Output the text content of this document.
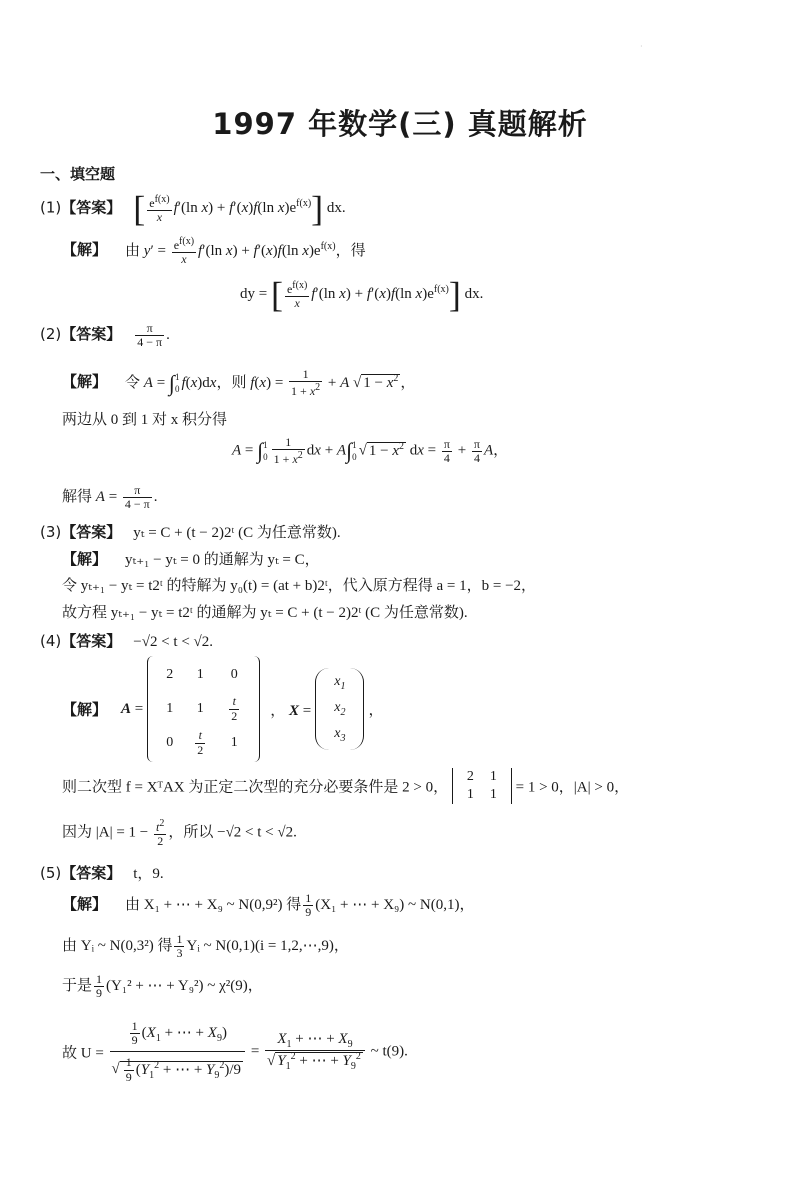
·
1997 年数学(三) 真题解析
一、填空题
(1)【答案】 [ $\frac{e^{f(x)}}{x} f'(\ln$ x) + f′(x)f(ln $x)e^{f(x)}$] dx.
【解】 由 $y' = \frac{e^{f(x)}}{x} f'(\ln$ x) + f′(x)f(ln $x)e^{f(x)}$，得
dy = [ $\frac{e^{f(x)}}{x} f'(\ln$ x) + f′(x)f(ln $x)e^{f(x)}$] dx.
(2)【答案】 $\frac{\pi}{4 - \pi}$ .
【解】 令 A = ∫1
0 f(x)dx，则 $f(x) = \frac{1}{1 + x^2} + A$ √ $1 - x^2$ ，
两边从 0 到 1 对 x 积分得
A = ∫1
$0 \frac{1}{1 + x^2}$ dx + A∫1
0 √ $1 - x^2$ dx = $\frac{\pi}{4} + \frac{\pi}{4}$ A，
解得 $A = \frac{\pi}{4 - \pi}$ .
(3)【答案】 yₜ = C + (t − 2)2ᵗ (C 为任意常数).
【解】 yₜ₊₁ − yₜ = 0 的通解为 yₜ = C，
令 yₜ₊₁ − yₜ = t2ᵗ 的特解为 y₀(t) = (at + b)2ᵗ，代入原方程得 a = 1，b = −2，
故方程 yₜ₊₁ − yₜ = t2ᵗ 的通解为 yₜ = C + (t − 2)2ᵗ (C 为任意常数).
(4)【答案】 −√2 < t < √2.
【解】 A =
2	1	0
1	1	$\frac{t}{2}$

0	$\frac{t}{2}$	1
， X =
$x_1$
$x_2$
$x_3$
，
则二次型 f = XᵀAX 为正定二次型的充分必要条件是 2 > 0，
2	1
1	1 = 1 > 0，|A| > 0，
因为 $|A| = 1 - \frac{t^2}{2}$ ，所以 −√2 < t < √2.
(5)【答案】 t，9.
【解】 由 X₁ + ⋯ + X₉ ~ N(0,9²) 得 $\frac{1}{9} (X_1$ + ⋯ + X₉) ~ N(0,1)，
由 Yᵢ ~ N(0,3²) 得 $\frac{1}{3}$ Yᵢ ~ N(0,1)(i = 1,2,⋯,9)，
于是 $\frac{1}{9} (Y_1^2$ + ⋯ + Y₉²) ~ χ²(9)，
故 $U = \frac{\frac{1}{9} (X_1 + \cdots + X_9)}{√ \frac{1}{9} (Y_1^2 + \cdots + Y_9^2)/9} = \frac{X_1 + \cdots + X_9}{√ Y_1^2 + \cdots + Y_9^2}$ ~ t(9).
